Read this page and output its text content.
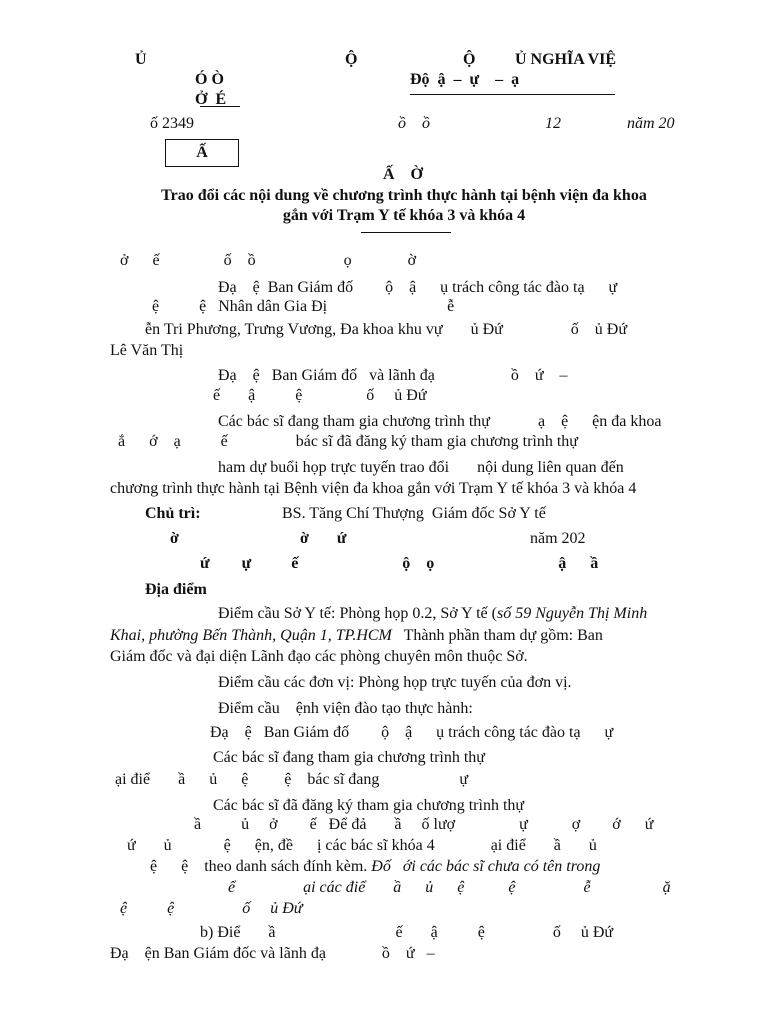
Ủ
Ó Ò
Ở  É
ố 2349
Ộ	Ộ Ủ NGHĨA VIỆ
Độ  ậ  –  ự    –  ạ
ồ    ồ	12	năm 20
Ấ
Ấ    Ờ
Trao đổi các nội dung về chương trình thực hành tại bệnh viện đa khoa
gắn với Trạm Y tế khóa 3 và khóa 4
ở      ế                ố    ồ                      ọ              ờ
Đạ    ệ  Ban Giám đố        ộ    ậ      ụ trách công tác đào tạ      ự
ệ          ệ   Nhân dân Gia Đị                              ễ
ễn Tri Phương, Trưng Vương, Đa khoa khu vự       ủ Đứ                 ố    ủ Đứ
Lê Văn Thị
Đạ    ệ   Ban Giám đố   và lãnh đạ                   ồ    ứ    –
ế       ậ          ệ                ố     ủ Đứ
Các bác sĩ đang tham gia chương trình thự            ạ    ệ      ện đa khoa
ắ      ớ    ạ          ế                 bác sĩ đã đăng ký tham gia chương trình thự
ham dự buổi họp trực tuyến trao đổi       nội dung liên quan đến
chương trình thực hành tại Bệnh viện đa khoa gắn với Trạm Y tế khóa 3 và khóa 4
Chủ trì:	BS. Tăng Chí Thượng  Giám đốc Sở Y tế
ờ	ờ       ứ	năm 202
ứ        ự          ế                          ộ    ọ                               ậ      ầ
Địa điểm
Điểm cầu Sở Y tế: Phòng họp 0.2, Sở Y tế (số 59 Nguyễn Thị Minh
Khai, phường Bến Thành, Quận 1, TP.HCM   Thành phần tham dự gồm: Ban
Giám đốc và đại diện Lãnh đạo các phòng chuyên môn thuộc Sở.
Điểm cầu các đơn vị: Phòng họp trực tuyến của đơn vị.
Điểm cầu    ệnh viện đào tạo thực hành:
Đạ    ệ   Ban Giám đố        ộ    ậ      ụ trách công tác đào tạ      ự
Các bác sĩ đang tham gia chương trình thự
ại điể       ầ      ủ      ệ         ệ    bác sĩ đang                    ự
Các bác sĩ đã đăng ký tham gia chương trình thự
ầ          ủ     ở        ế   Để đả       ầ     ố lượ                ự           ợ        ớ      ứ
ứ       ủ             ệ      ện, đề      ị các bác sĩ khóa 4              ại điể       ầ       ủ
ệ      ệ    theo danh sách đính kèm. Đố   ới các bác sĩ chưa có tên trong
ể                 ại các điể       ầ      ủ      ệ           ệ                 ễ                  ặ
ệ          ệ                 ố     ủ Đứ
b) Điể       ầ                              ế       ậ          ệ                 ố     ủ Đứ
Đạ    ện Ban Giám đốc và lãnh đạ              ồ    ứ   –
